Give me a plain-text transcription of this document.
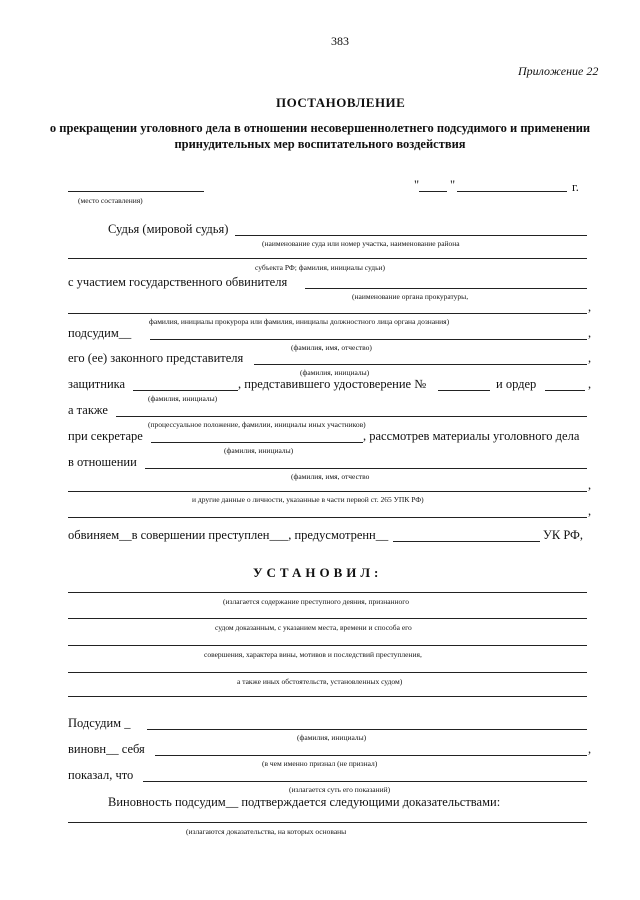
383
Приложение 22
ПОСТАНОВЛЕНИЕ
о прекращении уголовного дела в отношении несовершеннолетнего подсудимого и применении принудительных мер воспитательного воздействия
(место составления)
" "	г.
Судья (мировой судья)
(наименование суда или номер участка, наименование района
субъекта РФ; фамилия, инициалы судьи)
с участием государственного обвинителя
(наименование органа прокуратуры,
,
фамилия, инициалы прокурора или фамилия, инициалы должностного лица органа дознания)
подсудим__	,
(фамилия, имя, отчество)
его (ее) законного представителя	,
(фамилия, инициалы)
защитника	, представившего удостоверение №	и ордер	,
(фамилия, инициалы)
а также
(процессуальное положение, фамилии, инициалы иных участников)
при секретаре	, рассмотрев материалы уголовного дела
(фамилия, инициалы)
в отношении
(фамилия, имя, отчество
,
и другие данные о личности, указанные в части первой ст. 265 УПК РФ)
,
обвиняем__в совершении преступлен___, предусмотренн__	УК РФ,
УСТАНОВИЛ:
(излагается содержание преступного деяния, признанного
судом доказанным, с указанием места, времени и способа его
совершения, характера вины, мотивов и последствий преступления,
а также иных обстоятельств, установленных судом)
Подсудим _
(фамилия, инициалы)
виновн__ себя	,
(в чем именно признал (не признал)
показал, что
(излагается суть его показаний)
Виновность подсудим__ подтверждается следующими доказательствами:
(излагаются доказательства, на которых основаны
